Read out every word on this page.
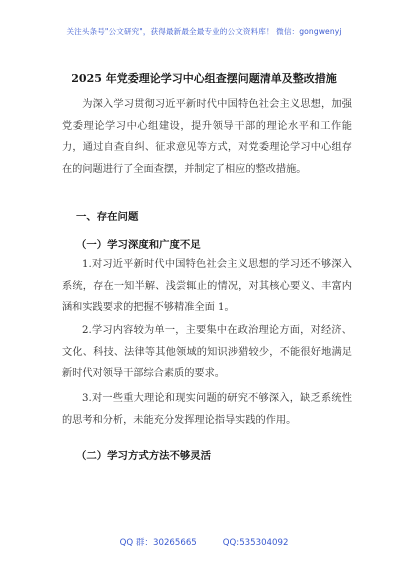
关注头条号"公文研究"，获得最新最全最专业的公文资料库！ 微信：gongwenyj
2025 年党委理论学习中心组查摆问题清单及整改措施

为深入学习贯彻习近平新时代中国特色社会主义思想，加强党委理论学习中心组建设，提升领导干部的理论水平和工作能力，通过自查自纠、征求意见等方式，对党委理论学习中心组存在的问题进行了全面查摆，并制定了相应的整改措施。

一、存在问题
（一）学习深度和广度不足

1.对习近平新时代中国特色社会主义思想的学习还不够深入系统，存在一知半解、浅尝辄止的情况，对其核心要义、丰富内涵和实践要求的把握不够精准全面 1。

2.学习内容较为单一，主要集中在政治理论方面，对经济、文化、科技、法律等其他领域的知识涉猎较少，不能很好地满足新时代对领导干部综合素质的要求。

3.对一些重大理论和现实问题的研究不够深入，缺乏系统性的思考和分析，未能充分发挥理论指导实践的作用。

（二）学习方式方法不够灵活
QQ 群：30265665	QQ:535304092
